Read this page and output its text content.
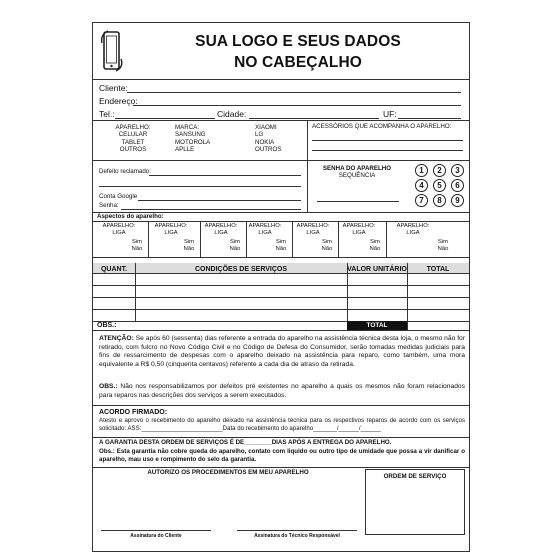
SUA LOGO E SEUS DADOS
NO CABEÇALHO
Cliente:
Endereço:
Tel.:	Cidade:	UF:
APARELHO:
CELULAR
TABLET
OUTROS
MARCA:
SANSUNG
MOTOROLA
APLLE
XIAOMI
LG
NOKIA
OUTROS
ACESSÓRIOS QUE ACOMPANHA O APARELHO:
Defeito reclamado:
Conta Google
Senha:
SENHA DO APARELHO
SEQUÊNCIA
1	2	3
4	5	6
7	8	9
Aspectos do aparelho:
APARELHO:
LIGA
Sim
Não
APARELHO:
LIGA
Sim
Não
APARELHO:
LIGA
Sim
Não
APARELHO:
LIGA
Sim
Não
APARELHO:
LIGA
Sim
Não
APARELHO:
LIGA
Sim
Não
APARELHO:
LIGA
Sim
Não
QUANT.	CONDIÇÕES DE SERVIÇOS	VALOR UNITÁRIO	TOTAL
OBS.:	TOTAL
ATENÇÃO: Se após 60 (sessenta) dias referente a entrada do aparelho na assistência técnica desta loja, o mesmo não for retirado, com fulcro no Novo Código Civil e no Código de Defesa do Consumidor, serão tomadas medidas judiciais para fins de ressarcimento de despesas com o aparelho deixado na assistência para reparo, como também, uma mora equivalente a R$ 0,50 (cinquenta centavos) referente a cada dia de atraso da retirada.
OBS.: Não nos responsabilizamos por defeitos pré existentes no aparelho a quais os mesmos não foram relacionados para reparos nas descrições dos serviços a serem executados.
ACORDO FIRMADO:
Atesto e aprovo o recebimento do aparelho deixado na assistência técnica para os respectivos reparos de acordo com os serviços solicitado: ASS:________________________Data do recebimento do aparelho_______/______/______
A GARANTIA DESTA ORDEM DE SERVIÇOS É DE________DIAS APÓS A ENTREGA DO APARELHO.
Obs.: Esta garantia não cobre queda do aparelho, contato com liquido ou outro tipo de umidade que possa a vir danificar o aparelho, mau uso e rompimento do selo da garantia.
AUTORIZO OS PROCEDIMENTOS EM MEU APARELHO
ORDEM DE SERVIÇO
Assinatura do Cliente	Assinatura do Técnico Responsável
